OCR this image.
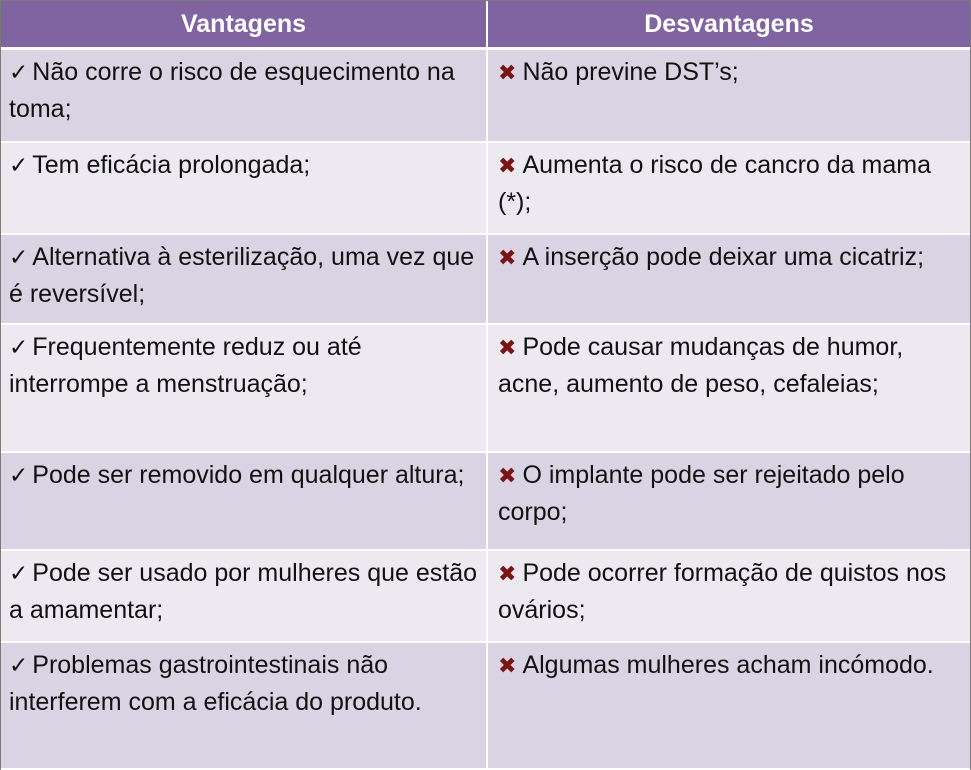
Vantagens	Desvantagens
✓ Não corre o risco de esquecimento na toma;	✖ Não previne DST’s;
✓ Tem eficácia prolongada;	✖ Aumenta o risco de cancro da mama (*);
✓ Alternativa à esterilização, uma vez que é reversível;	✖ A inserção pode deixar uma cicatriz;
✓ Frequentemente reduz ou até interrompe a menstruação;	✖ Pode causar mudanças de humor, acne, aumento de peso, cefaleias;
✓ Pode ser removido em qualquer altura;	✖ O implante pode ser rejeitado pelo corpo;
✓ Pode ser usado por mulheres que estão a amamentar;	✖ Pode ocorrer formação de quistos nos ovários;
✓ Problemas gastrointestinais não interferem com a eficácia do produto.	✖ Algumas mulheres acham incómodo.
